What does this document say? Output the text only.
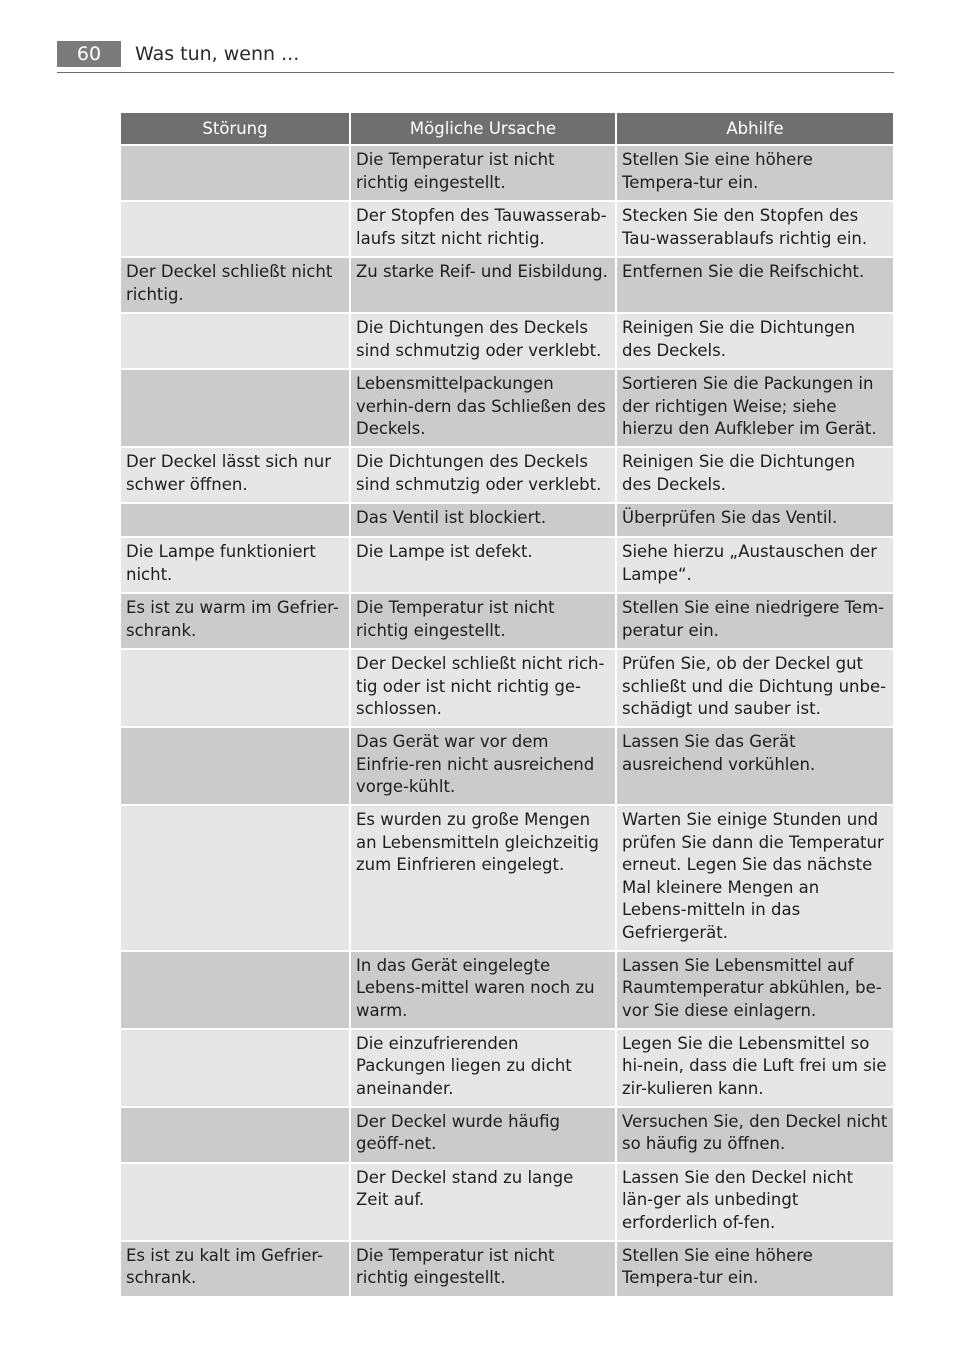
60	Was tun, wenn ...
Störung	Mögliche Ursache	Abhilfe
	Die Temperatur ist nicht richtig eingestellt.	Stellen Sie eine höhere Tempera-tur ein.
	Der Stopfen des Tauwasserab-laufs sitzt nicht richtig.	Stecken Sie den Stopfen des Tau-wasserablaufs richtig ein.
Der Deckel schließt nicht richtig.	Zu starke Reif- und Eisbildung.	Entfernen Sie die Reifschicht.
	Die Dichtungen des Deckels sind schmutzig oder verklebt.	Reinigen Sie die Dichtungen des Deckels.
	Lebensmittelpackungen verhin-dern das Schließen des Deckels.	Sortieren Sie die Packungen in der richtigen Weise; siehe hierzu den Aufkleber im Gerät.
Der Deckel lässt sich nur schwer öffnen.	Die Dichtungen des Deckels sind schmutzig oder verklebt.	Reinigen Sie die Dichtungen des Deckels.
	Das Ventil ist blockiert.	Überprüfen Sie das Ventil.
Die Lampe funktioniert nicht.	Die Lampe ist defekt.	Siehe hierzu „Austauschen der Lampe“.
Es ist zu warm im Gefrier-schrank.	Die Temperatur ist nicht richtig eingestellt.	Stellen Sie eine niedrigere Tem-peratur ein.
	Der Deckel schließt nicht rich-tig oder ist nicht richtig ge-schlossen.	Prüfen Sie, ob der Deckel gut schließt und die Dichtung unbe-schädigt und sauber ist.
	Das Gerät war vor dem Einfrie-ren nicht ausreichend vorge-kühlt.	Lassen Sie das Gerät ausreichend vorkühlen.
	Es wurden zu große Mengen an Lebensmitteln gleichzeitig zum Einfrieren eingelegt.	Warten Sie einige Stunden und prüfen Sie dann die Temperatur erneut. Legen Sie das nächste Mal kleinere Mengen an Lebens-mitteln in das Gefriergerät.
	In das Gerät eingelegte Lebens-mittel waren noch zu warm.	Lassen Sie Lebensmittel auf Raumtemperatur abkühlen, be-vor Sie diese einlagern.
	Die einzufrierenden Packungen liegen zu dicht aneinander.	Legen Sie die Lebensmittel so hi-nein, dass die Luft frei um sie zir-kulieren kann.
	Der Deckel wurde häufig geöff-net.	Versuchen Sie, den Deckel nicht so häufig zu öffnen.
	Der Deckel stand zu lange Zeit auf.	Lassen Sie den Deckel nicht län-ger als unbedingt erforderlich of-fen.
Es ist zu kalt im Gefrier-schrank.	Die Temperatur ist nicht richtig eingestellt.	Stellen Sie eine höhere Tempera-tur ein.
